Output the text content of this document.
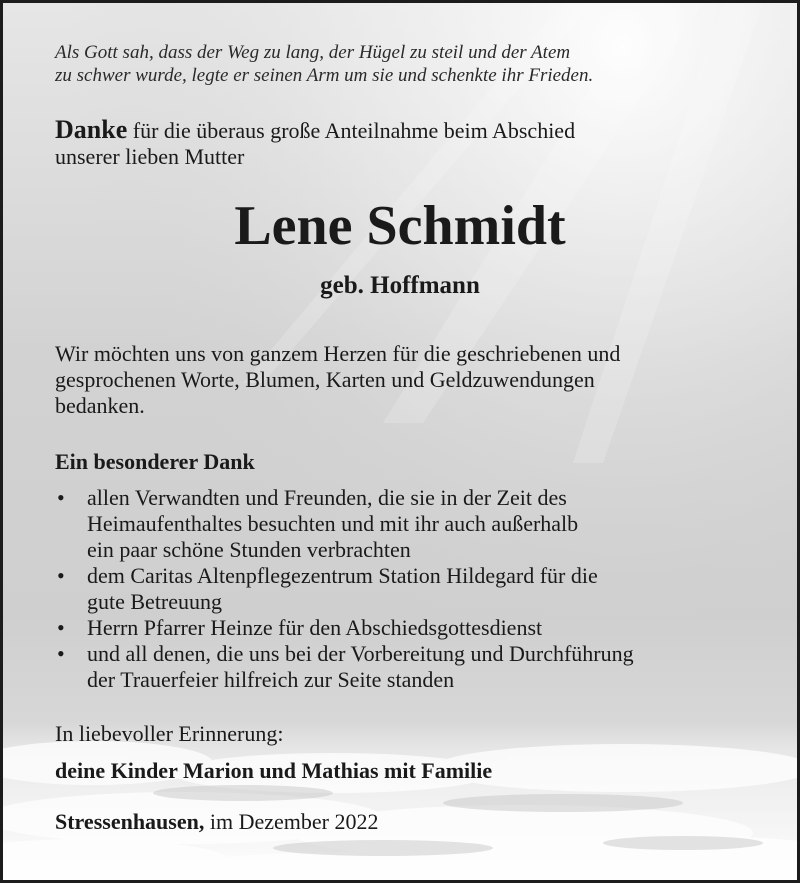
Als Gott sah, dass der Weg zu lang, der Hügel zu steil und der Atem
zu schwer wurde, legte er seinen Arm um sie und schenkte ihr Frieden.
Danke für die überaus große Anteilnahme beim Abschied
unserer lieben Mutter
Lene Schmidt
geb. Hoffmann
Wir möchten uns von ganzem Herzen für die geschriebenen und
gesprochenen Worte, Blumen, Karten und Geldzuwendungen
bedanken.
Ein besonderer Dank
• allen Verwandten und Freunden, die sie in der Zeit des
Heimaufenthaltes besuchten und mit ihr auch außerhalb
ein paar schöne Stunden verbrachten
• dem Caritas Altenpflegezentrum Station Hildegard für die
gute Betreuung
• Herrn Pfarrer Heinze für den Abschiedsgottesdienst
• und all denen, die uns bei der Vorbereitung und Durchführung
der Trauerfeier hilfreich zur Seite standen
In liebevoller Erinnerung:
deine Kinder Marion und Mathias mit Familie
Stressenhausen, im Dezember 2022
